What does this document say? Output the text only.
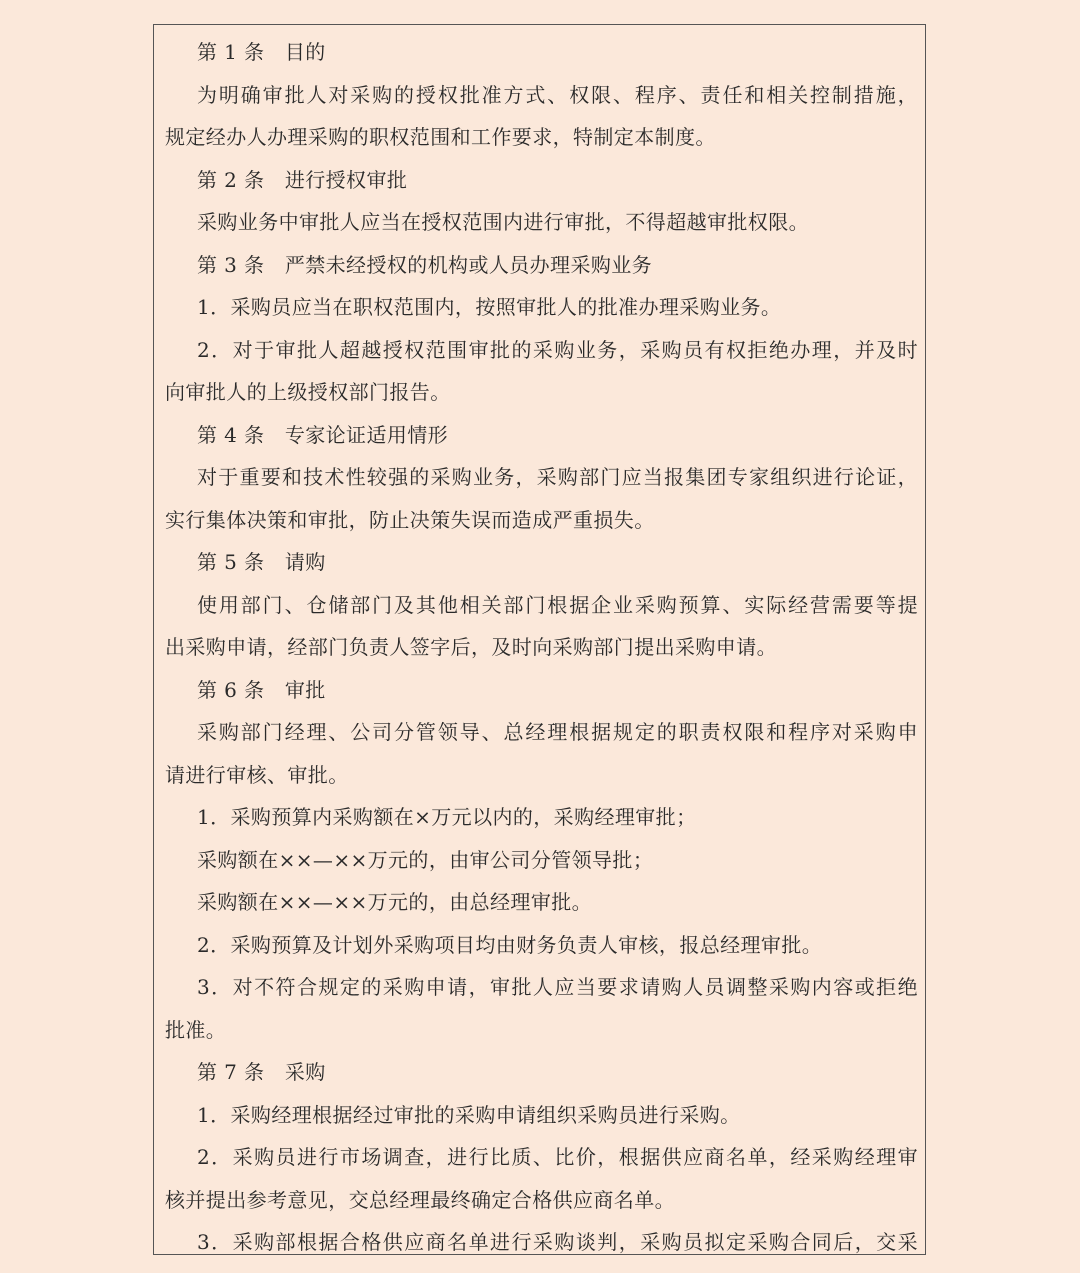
第 1 条　目的
为明确审批人对采购的授权批准方式、权限、程序、责任和相关控制措施，
规定经办人办理采购的职权范围和工作要求，特制定本制度。
第 2 条　进行授权审批
采购业务中审批人应当在授权范围内进行审批，不得超越审批权限。
第 3 条　严禁未经授权的机构或人员办理采购业务
1．采购员应当在职权范围内，按照审批人的批准办理采购业务。
2．对于审批人超越授权范围审批的采购业务，采购员有权拒绝办理，并及时
向审批人的上级授权部门报告。
第 4 条　专家论证适用情形
对于重要和技术性较强的采购业务，采购部门应当报集团专家组织进行论证，
实行集体决策和审批，防止决策失误而造成严重损失。
第 5 条　请购
使用部门、仓储部门及其他相关部门根据企业采购预算、实际经营需要等提
出采购申请，经部门负责人签字后，及时向采购部门提出采购申请。
第 6 条　审批
采购部门经理、公司分管领导、总经理根据规定的职责权限和程序对采购申
请进行审核、审批。
1．采购预算内采购额在×万元以内的，采购经理审批；
采购额在××—××万元的，由审公司分管领导批；
采购额在××—××万元的，由总经理审批。
2．采购预算及计划外采购项目均由财务负责人审核，报总经理审批。
3．对不符合规定的采购申请，审批人应当要求请购人员调整采购内容或拒绝
批准。
第 7 条　采购
1．采购经理根据经过审批的采购申请组织采购员进行采购。
2．采购员进行市场调查，进行比质、比价，根据供应商名单，经采购经理审
核并提出参考意见，交总经理最终确定合格供应商名单。
3．采购部根据合格供应商名单进行采购谈判，采购员拟定采购合同后，交采
